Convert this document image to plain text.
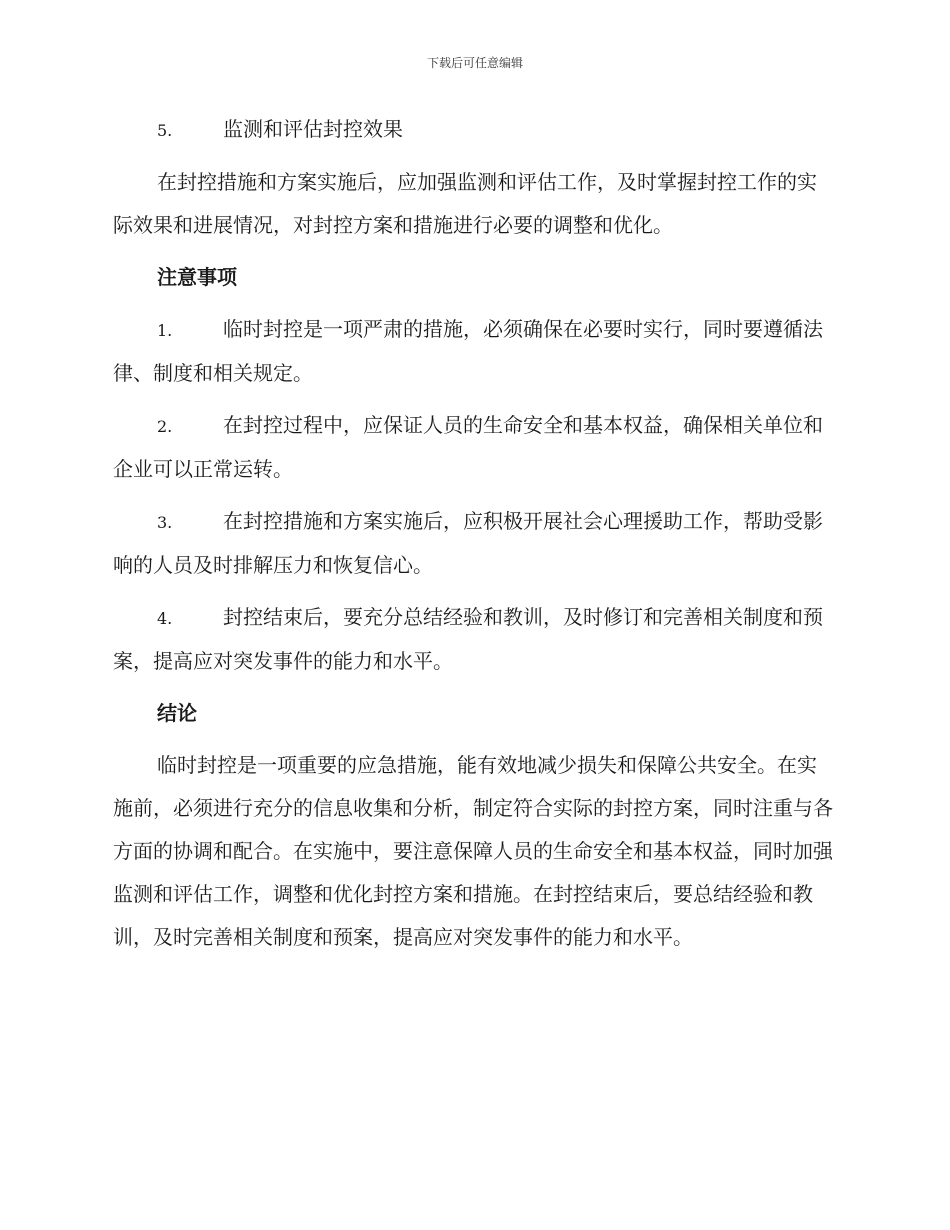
下载后可任意编辑

5.	监测和评估封控效果

在封控措施和方案实施后，应加强监测和评估工作，及时掌握封控工作的实际效果和进展情况，对封控方案和措施进行必要的调整和优化。

注意事项

1.	临时封控是一项严肃的措施，必须确保在必要时实行，同时要遵循法律、制度和相关规定。

2.	在封控过程中，应保证人员的生命安全和基本权益，确保相关单位和企业可以正常运转。

3.	在封控措施和方案实施后，应积极开展社会心理援助工作，帮助受影响的人员及时排解压力和恢复信心。

4.	封控结束后，要充分总结经验和教训，及时修订和完善相关制度和预案，提高应对突发事件的能力和水平。

结论

临时封控是一项重要的应急措施，能有效地减少损失和保障公共安全。在实施前，必须进行充分的信息收集和分析，制定符合实际的封控方案，同时注重与各方面的协调和配合。在实施中，要注意保障人员的生命安全和基本权益，同时加强监测和评估工作，调整和优化封控方案和措施。在封控结束后，要总结经验和教训，及时完善相关制度和预案，提高应对突发事件的能力和水平。
